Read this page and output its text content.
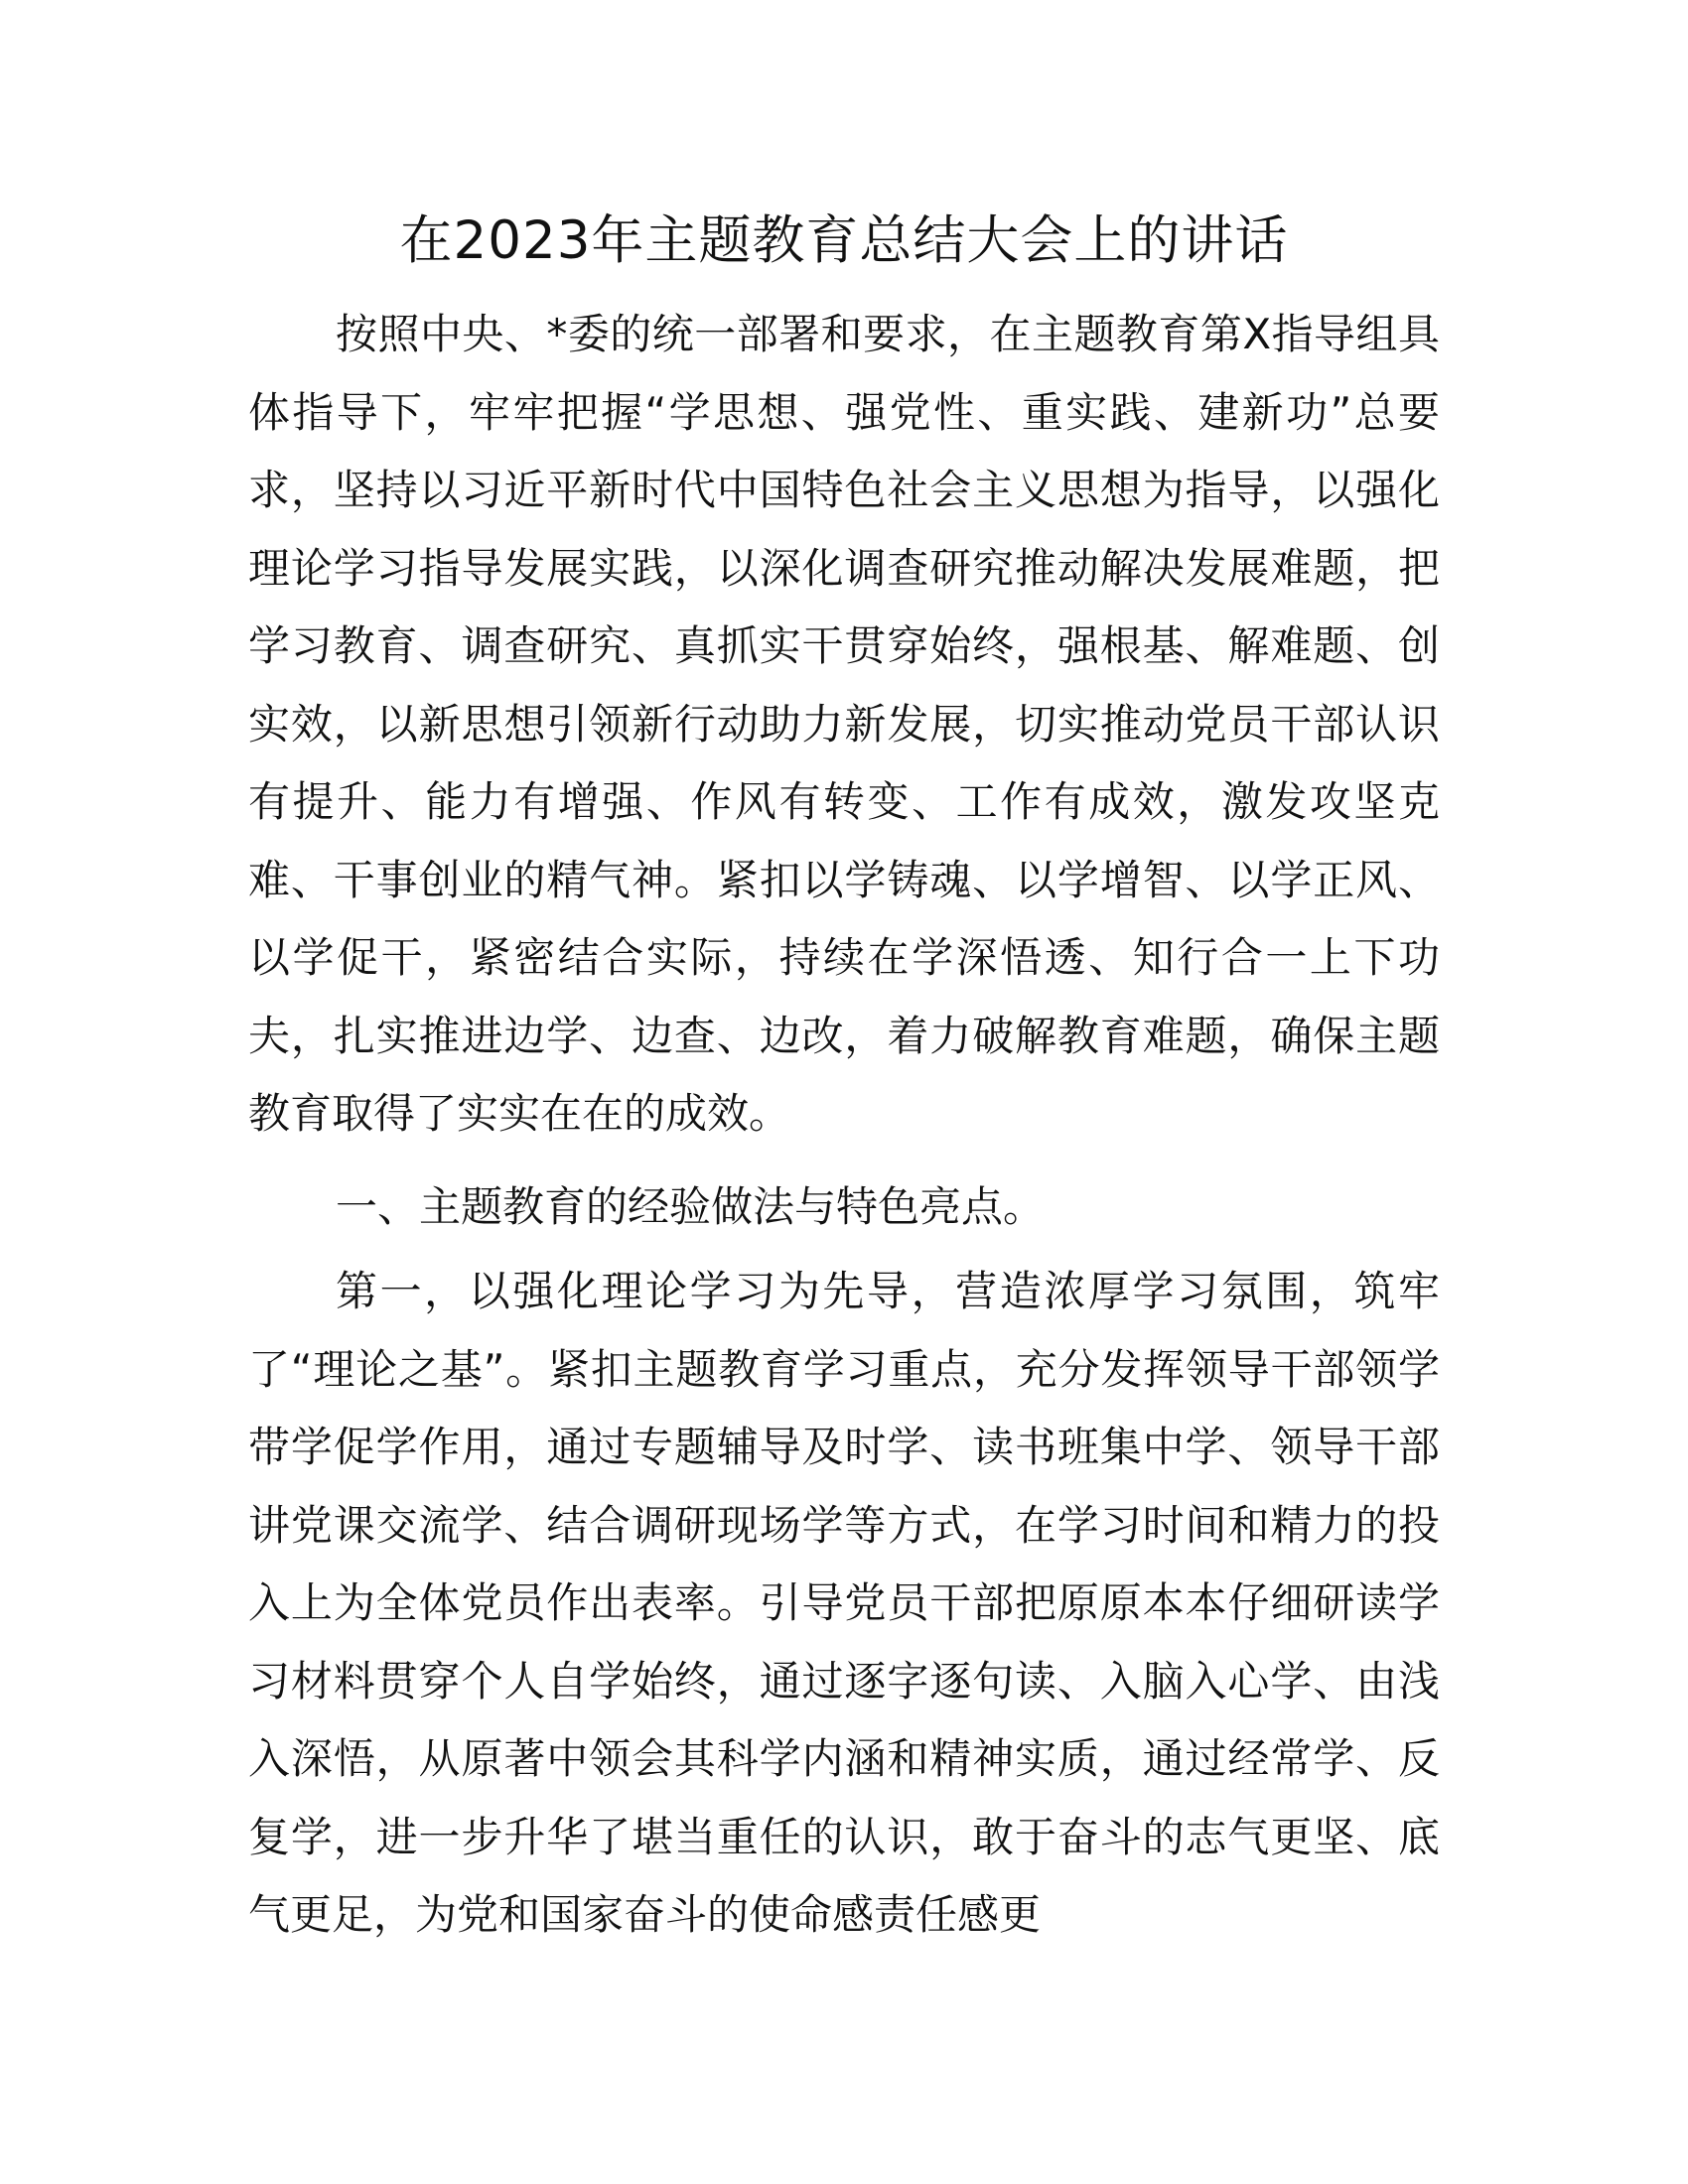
在2023年主题教育总结大会上的讲话

按照中央、*委的统一部署和要求，在主题教育第X指导组具体指导下，牢牢把握“学思想、强党性、重实践、建新功”总要求，坚持以习近平新时代中国特色社会主义思想为指导，以强化理论学习指导发展实践，以深化调查研究推动解决发展难题，把学习教育、调查研究、真抓实干贯穿始终，强根基、解难题、创实效，以新思想引领新行动助力新发展，切实推动党员干部认识有提升、能力有增强、作风有转变、工作有成效，激发攻坚克难、干事创业的精气神。紧扣以学铸魂、以学增智、以学正风、以学促干，紧密结合实际，持续在学深悟透、知行合一上下功夫，扎实推进边学、边查、边改，着力破解教育难题，确保主题教育取得了实实在在的成效。

一、主题教育的经验做法与特色亮点。

第一，以强化理论学习为先导，营造浓厚学习氛围，筑牢了“理论之基”。紧扣主题教育学习重点，充分发挥领导干部领学带学促学作用，通过专题辅导及时学、读书班集中学、领导干部讲党课交流学、结合调研现场学等方式，在学习时间和精力的投入上为全体党员作出表率。引导党员干部把原原本本仔细研读学习材料贯穿个人自学始终，通过逐字逐句读、入脑入心学、由浅入深悟，从原著中领会其科学内涵和精神实质，通过经常学、反复学，进一步升华了堪当重任的认识，敢于奋斗的志气更坚、底气更足，为党和国家奋斗的使命感责任感更
